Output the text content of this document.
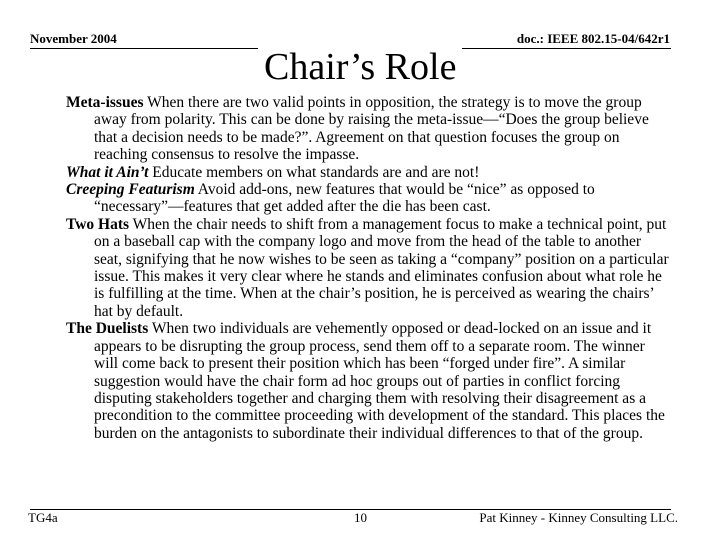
November 2004	doc.: IEEE 802.15-04/642r1
Chair’s Role

Meta-issues When there are two valid points in opposition, the strategy is to move the group away from polarity. This can be done by raising the meta-issue—“Does the group believe that a decision needs to be made?”. Agreement on that question focuses the group on reaching consensus to resolve the impasse.

What it Ain’t Educate members on what standards are and are not!

Creeping Featurism Avoid add-ons, new features that would be “nice” as opposed to “necessary”—features that get added after the die has been cast.

Two Hats When the chair needs to shift from a management focus to make a technical point, put on a baseball cap with the company logo and move from the head of the table to another seat, signifying that he now wishes to be seen as taking a “company” position on a particular issue. This makes it very clear where he stands and eliminates confusion about what role he is fulfilling at the time. When at the chair’s position, he is perceived as wearing the chairs’ hat by default.

The Duelists When two individuals are vehemently opposed or dead-locked on an issue and it appears to be disrupting the group process, send them off to a separate room. The winner will come back to present their position which has been “forged under fire”. A similar suggestion would have the chair form ad hoc groups out of parties in conflict forcing disputing stakeholders together and charging them with resolving their disagreement as a precondition to the committee proceeding with development of the standard. This places the burden on the antagonists to subordinate their individual differences to that of the group.

TG4a	10	Pat Kinney - Kinney Consulting LLC.
